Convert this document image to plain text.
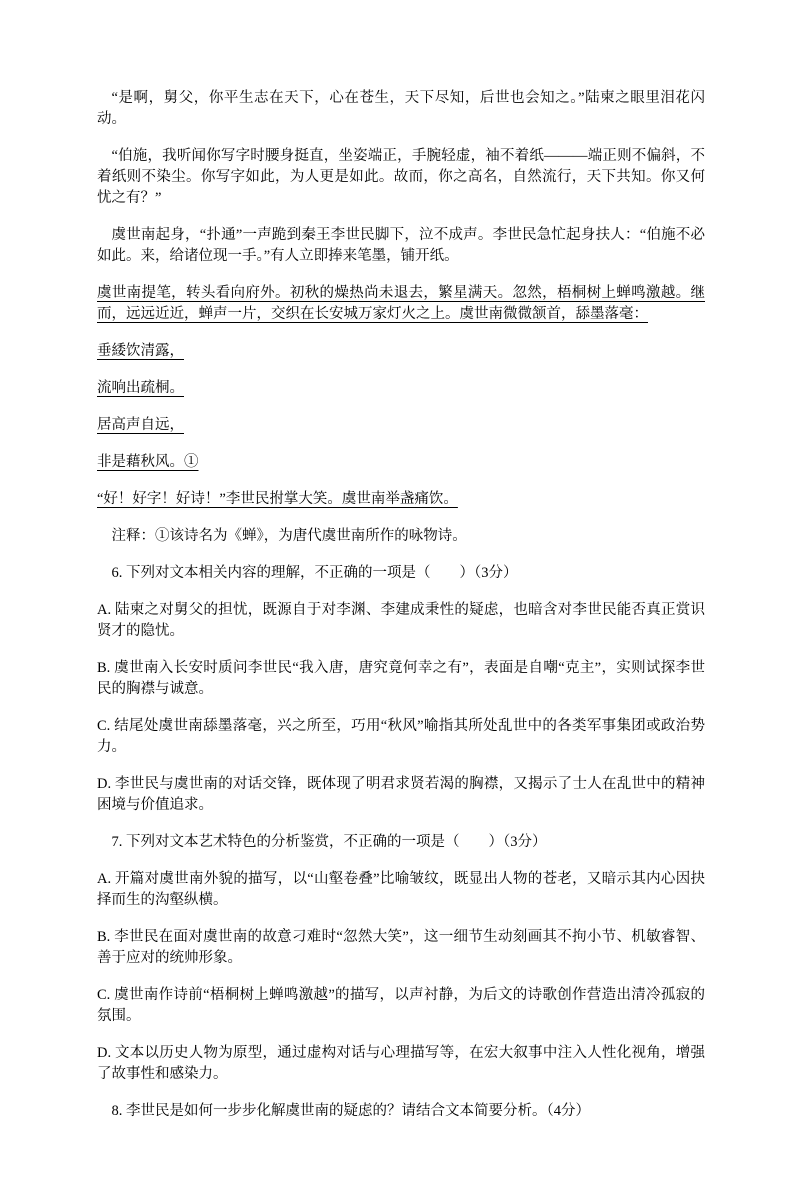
“是啊，舅父，你平生志在天下，心在苍生，天下尽知，后世也会知之。”陆柬之眼里泪花闪动。

“伯施，我听闻你写字时腰身挺直，坐姿端正，手腕轻虚，袖不着纸———端正则不偏斜，不着纸则不染尘。你写字如此，为人更是如此。故而，你之高名，自然流行，天下共知。你又何忧之有？”

虞世南起身，“扑通”一声跪到秦王李世民脚下，泣不成声。李世民急忙起身扶人：“伯施不必如此。来，给诸位现一手。”有人立即捧来笔墨，铺开纸。

虞世南提笔，转头看向府外。初秋的燥热尚未退去，繁星满天。忽然，梧桐树上蝉鸣激越。继而，远远近近，蝉声一片，交织在长安城万家灯火之上。虞世南微微颔首，舔墨落毫：

垂緌饮清露，

流响出疏桐。

居高声自远，

非是藉秋风。①

“好！好字！好诗！”李世民拊掌大笑。虞世南举盏痛饮。

注释：①该诗名为《蝉》，为唐代虞世南所作的咏物诗。

6. 下列对文本相关内容的理解，不正确的一项是（　　）（3分）

A. 陆柬之对舅父的担忧，既源自于对李渊、李建成秉性的疑虑，也暗含对李世民能否真正赏识贤才的隐忧。

B. 虞世南入长安时质问李世民“我入唐，唐究竟何幸之有”，表面是自嘲“克主”，实则试探李世民的胸襟与诚意。

C. 结尾处虞世南舔墨落毫，兴之所至，巧用“秋风”喻指其所处乱世中的各类军事集团或政治势力。

D. 李世民与虞世南的对话交锋，既体现了明君求贤若渴的胸襟，又揭示了士人在乱世中的精神困境与价值追求。

7. 下列对文本艺术特色的分析鉴赏，不正确的一项是（　　）（3分）

A. 开篇对虞世南外貌的描写，以“山壑卷叠”比喻皱纹，既显出人物的苍老，又暗示其内心因抉择而生的沟壑纵横。

B. 李世民在面对虞世南的故意刁难时“忽然大笑”，这一细节生动刻画其不拘小节、机敏睿智、善于应对的统帅形象。

C. 虞世南作诗前“梧桐树上蝉鸣激越”的描写，以声衬静，为后文的诗歌创作营造出清冷孤寂的氛围。

D. 文本以历史人物为原型，通过虚构对话与心理描写等，在宏大叙事中注入人性化视角，增强了故事性和感染力。

8. 李世民是如何一步步化解虞世南的疑虑的？请结合文本简要分析。（4分）
